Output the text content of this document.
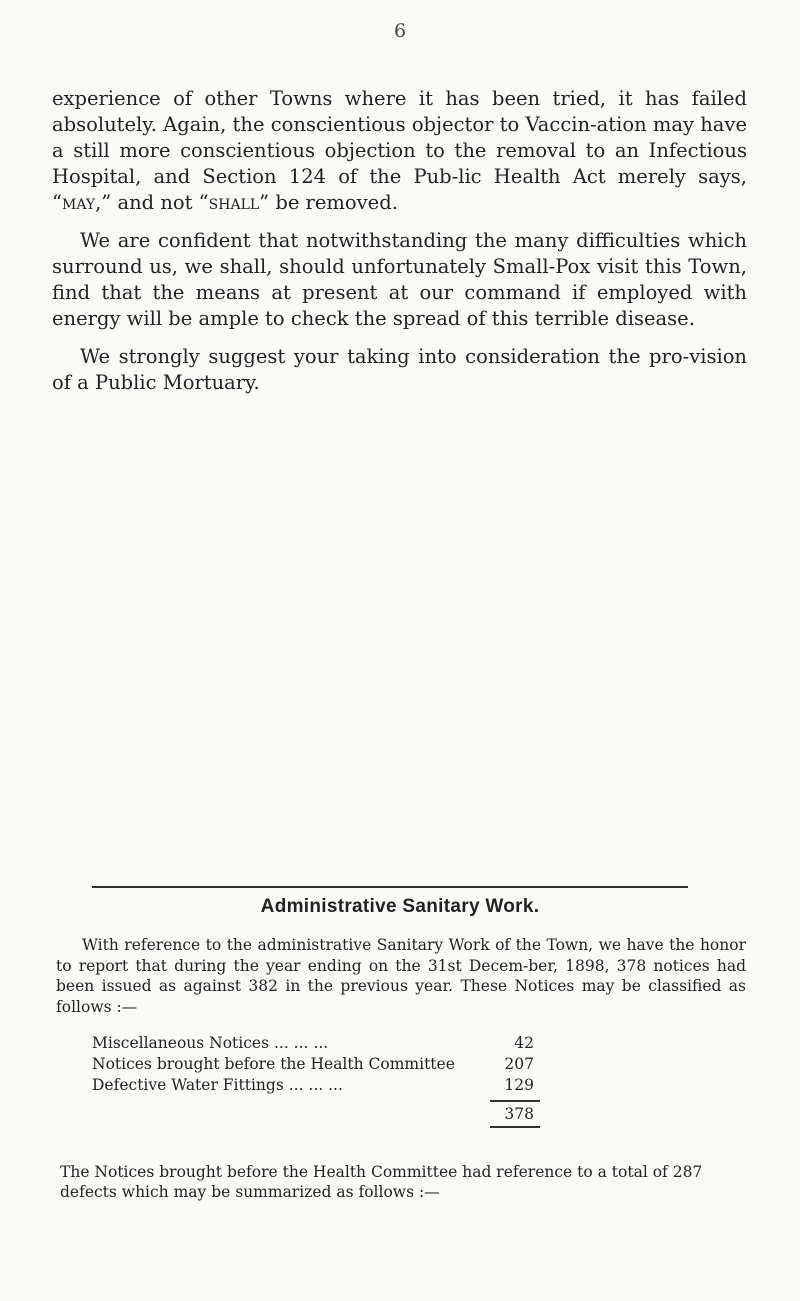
6

experience of other Towns where it has been tried, it has failed absolutely. Again, the conscientious objector to Vaccin-ation may have a still more conscientious objection to the removal to an Infectious Hospital, and Section 124 of the Pub-lic Health Act merely says, “may,” and not “shall” be removed.

We are confident that notwithstanding the many difficulties which surround us, we shall, should unfortunately Small-Pox visit this Town, find that the means at present at our command if employed with energy will be ample to check the spread of this terrible disease.

We strongly suggest your taking into consideration the pro-vision of a Public Mortuary.

Administrative Sanitary Work.
With reference to the administrative Sanitary Work of the Town, we have the honor to report that during the year ending on the 31st Decem-ber, 1898, 378 notices had been issued as against 382 in the previous year. These Notices may be classified as follows :—
Miscellaneous Notices ... ... ...	42
Notices brought before the Health Committee	207
Defective Water Fittings ... ... ...	129
378
The Notices brought before the Health Committee had reference to a total of 287 defects which may be summarized as follows :—
